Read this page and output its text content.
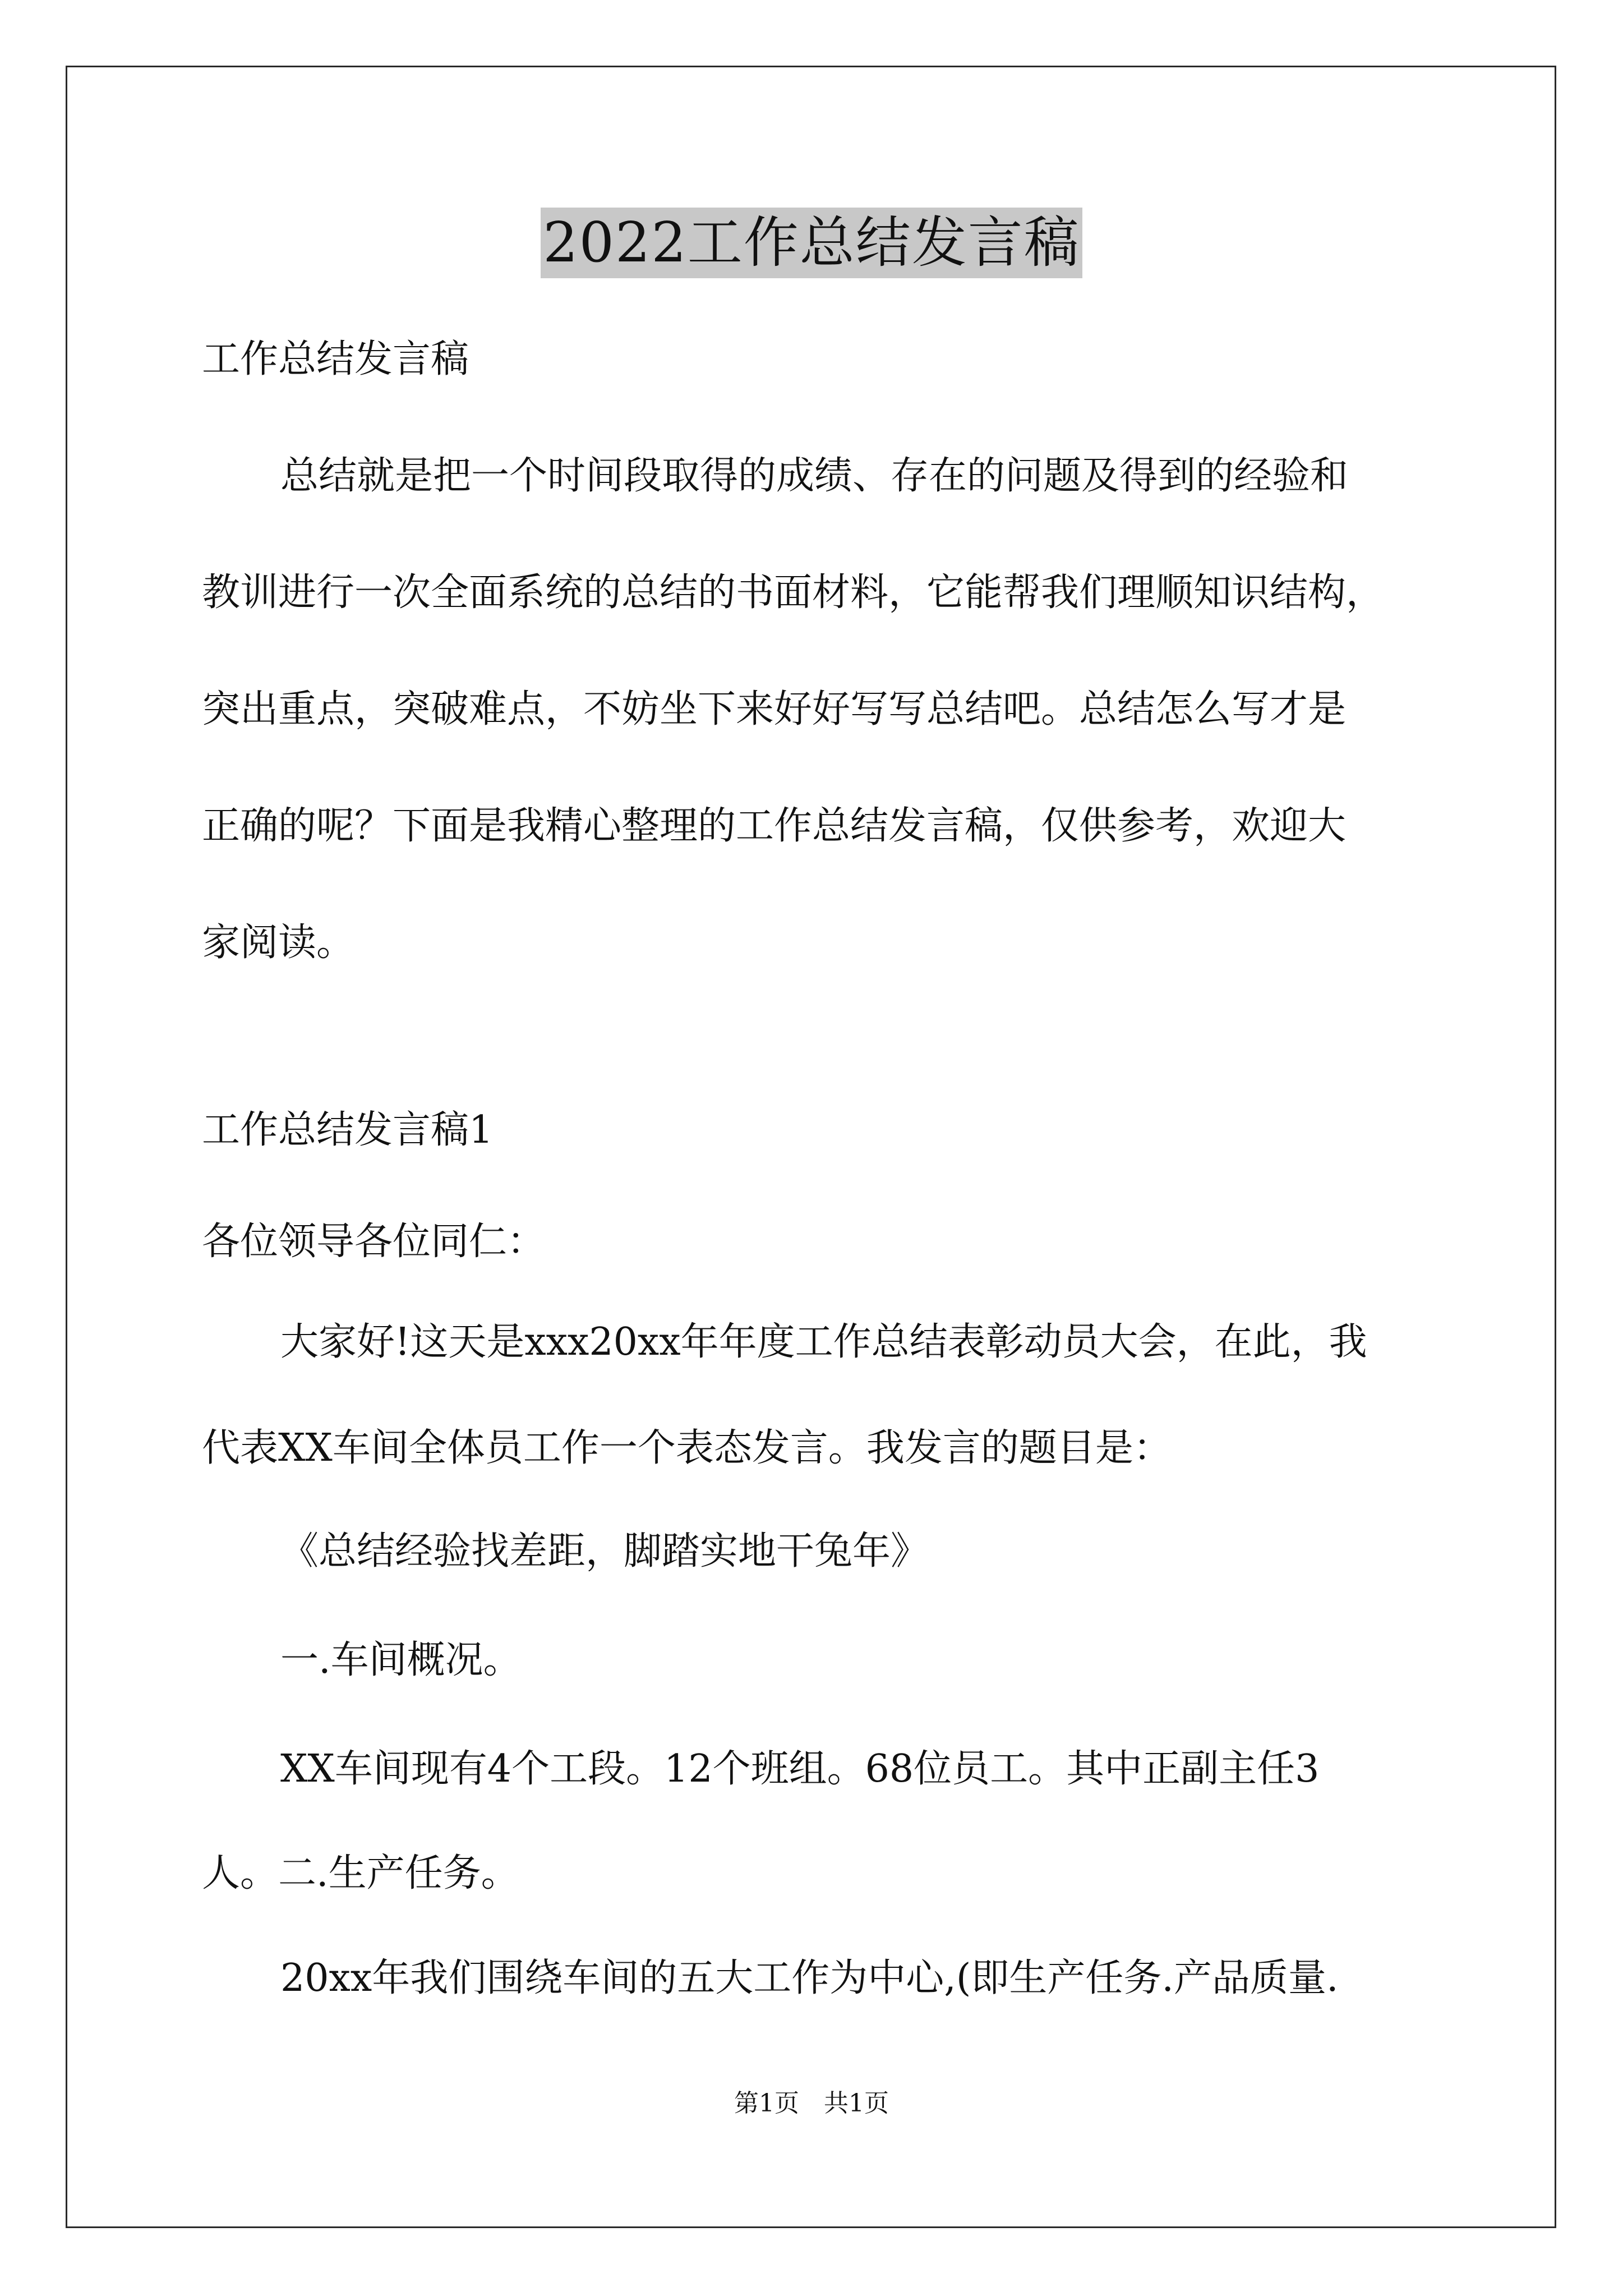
2022工作总结发言稿
工作总结发言稿
总结就是把一个时间段取得的成绩、存在的问题及得到的经验和
教训进行一次全面系统的总结的书面材料，它能帮我们理顺知识结构，
突出重点，突破难点，不妨坐下来好好写写总结吧。总结怎么写才是
正确的呢？下面是我精心整理的工作总结发言稿，仅供参考，欢迎大
家阅读。
工作总结发言稿1
各位领导各位同仁：
大家好!这天是xxx20xx年年度工作总结表彰动员大会，在此，我
代表XX车间全体员工作一个表态发言。我发言的题目是：
《总结经验找差距，脚踏实地干兔年》
一.车间概况。
XX车间现有4个工段。12个班组。68位员工。其中正副主任3
人。二.生产任务。
20xx年我们围绕车间的五大工作为中心,(即生产任务.产品质量.
第1页　共1页
